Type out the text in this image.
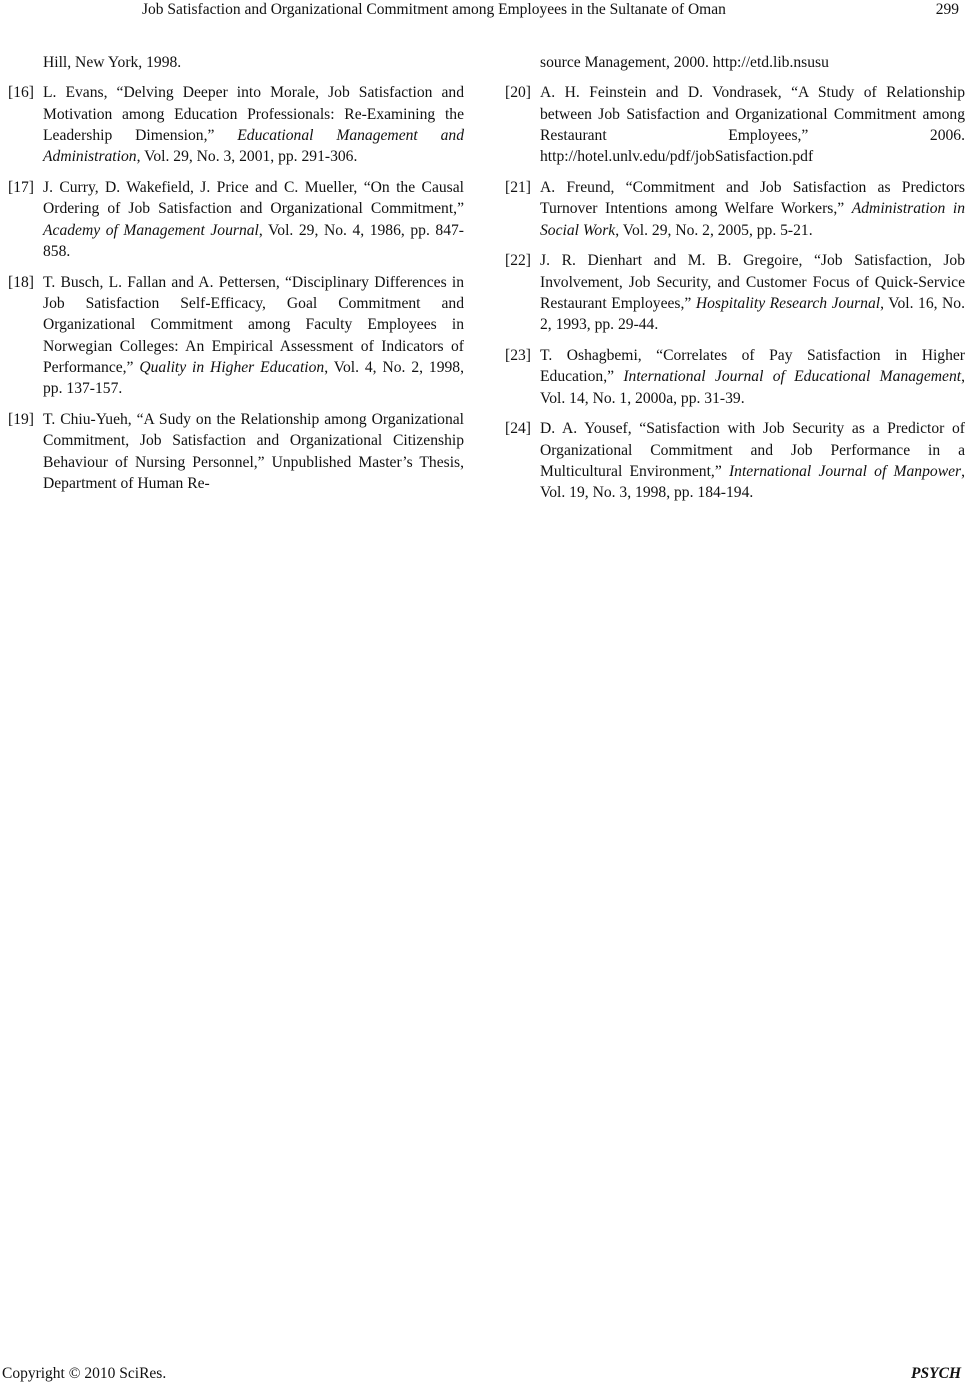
Job Satisfaction and Organizational Commitment among Employees in the Sultanate of Oman	299
Hill, New York, 1998.
[16] L. Evans, “Delving Deeper into Morale, Job Satisfaction and Motivation among Education Professionals: Re-Examining the Leadership Dimension,” Educational Management and Administration, Vol. 29, No. 3, 2001, pp. 291-306.
[17] J. Curry, D. Wakefield, J. Price and C. Mueller, “On the Causal Ordering of Job Satisfaction and Organizational Commitment,” Academy of Management Journal, Vol. 29, No. 4, 1986, pp. 847-858.
[18] T. Busch, L. Fallan and A. Pettersen, “Disciplinary Differences in Job Satisfaction Self-Efficacy, Goal Commitment and Organizational Commitment among Faculty Employees in Norwegian Colleges: An Empirical Assessment of Indicators of Performance,” Quality in Higher Education, Vol. 4, No. 2, 1998, pp. 137-157.
[19] T. Chiu-Yueh, “A Sudy on the Relationship among Organizational Commitment, Job Satisfaction and Organizational Citizenship Behaviour of Nursing Personnel,” Unpublished Master’s Thesis, Department of Human Re-
source Management, 2000. http://etd.lib.nsusu
[20] A. H. Feinstein and D. Vondrasek, “A Study of Relationship between Job Satisfaction and Organizational Commitment among Restaurant Employees,” 2006. http://hotel.unlv.edu/pdf/jobSatisfaction.pdf
[21] A. Freund, “Commitment and Job Satisfaction as Predictors Turnover Intentions among Welfare Workers,” Administration in Social Work, Vol. 29, No. 2, 2005, pp. 5-21.
[22] J. R. Dienhart and M. B. Gregoire, “Job Satisfaction, Job Involvement, Job Security, and Customer Focus of Quick-Service Restaurant Employees,” Hospitality Research Journal, Vol. 16, No. 2, 1993, pp. 29-44.
[23] T. Oshagbemi, “Correlates of Pay Satisfaction in Higher Education,” International Journal of Educational Management, Vol. 14, No. 1, 2000a, pp. 31-39.
[24] D. A. Yousef, “Satisfaction with Job Security as a Predictor of Organizational Commitment and Job Performance in a Multicultural Environment,” International Journal of Manpower, Vol. 19, No. 3, 1998, pp. 184-194.
Copyright © 2010 SciRes.	PSYCH
